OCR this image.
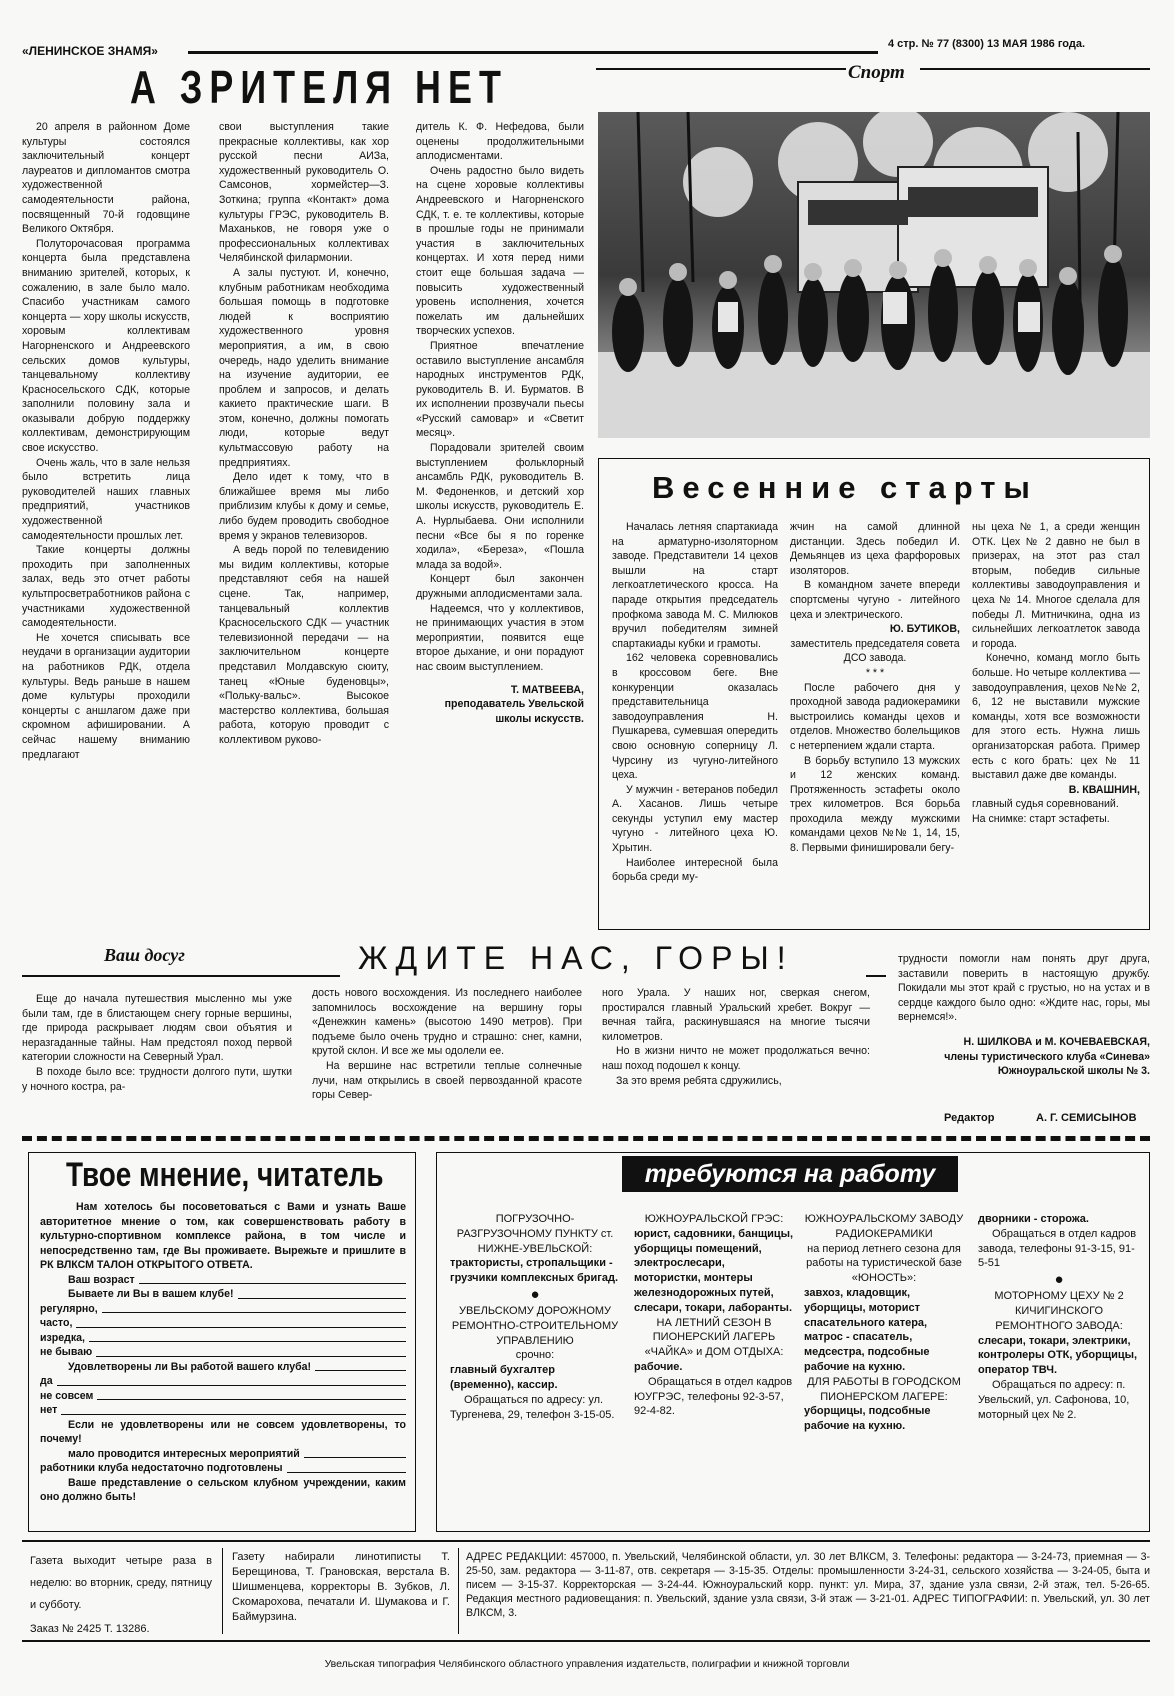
«ЛЕНИНСКОЕ ЗНАМЯ»	4 стр. № 77 (8300) 13 МАЯ 1986 года.
А ЗРИТЕЛЯ НЕТ

20 апреля в районном Доме культуры состоялся заключительный концерт лауреатов и дипломантов смотра художественной самодеятельности района, посвященный 70-й годовщине Великого Октября.

Полуторочасовая программа концерта была представлена вниманию зрителей, которых, к сожалению, в зале было мало. Спасибо участникам самого концерта — хору школы искусств, хоровым коллективам Нагорненского и Андреевского сельских домов культуры, танцевальному коллективу Красносельского СДК, которые заполнили половину зала и оказывали добрую поддержку коллективам, демонстрирующим свое искусство.

Очень жаль, что в зале нельзя было встретить лица руководителей наших главных предприятий, участников художественной самодеятельности прошлых лет.

Такие концерты должны проходить при заполненных залах, ведь это отчет работы культпросветработников района с участниками художественной самодеятельности.

Не хочется списывать все неудачи в организации аудитории на работников РДК, отдела культуры. Ведь раньше в нашем доме культуры проходили концерты с аншлагом даже при скромном афишировании. А сейчас нашему вниманию предлагают

свои выступления такие прекрасные коллективы, как хор русской песни АИЗа, художественный руководитель О. Самсонов, хормейстер—З. Зоткина; группа «Контакт» дома культуры ГРЭС, руководитель В. Маханьков, не говоря уже о профессиональных коллективах Челябинской филармонии.

А залы пустуют. И, конечно, клубным работникам необходима большая помощь в подготовке людей к восприятию художественного уровня мероприятия, а им, в свою очередь, надо уделить внимание на изучение аудитории, ее проблем и запросов, и делать какието практические шаги. В этом, конечно, должны помогать люди, которые ведут культмассовую работу на предприятиях.

Дело идет к тому, что в ближайшее время мы либо приблизим клубы к дому и семье, либо будем проводить свободное время у экранов телевизоров.

А ведь порой по телевидению мы видим коллективы, которые представляют себя на нашей сцене. Так, например, танцевальный коллектив Красносельского СДК — участник телевизионной передачи — на заключительном концерте представил Молдавскую сюиту, танец «Юные буденовцы», «Польку-вальс». Высокое мастерство коллектива, большая работа, которую проводит с коллективом руково-

дитель К. Ф. Нефедова, были оценены продолжительными аплодисментами.

Очень радостно было видеть на сцене хоровые коллективы Андреевского и Нагорненского СДК, т. е. те коллективы, которые в прошлые годы не принимали участия в заключительных концертах. И хотя перед ними стоит еще большая задача — повысить художественный уровень исполнения, хочется пожелать им дальнейших творческих успехов.

Приятное впечатление оставило выступление ансамбля народных инструментов РДК, руководитель В. И. Бурматов. В их исполнении прозвучали пьесы «Русский самовар» и «Светит месяц».

Порадовали зрителей своим выступлением фольклорный ансамбль РДК, руководитель В. М. Федоненков, и детский хор школы искусств, руководитель Е. А. Нурлыбаева. Они исполнили песни «Все бы я по горенке ходила», «Береза», «Пошла млада за водой».

Концерт был закончен дружными аплодисментами зала.

Надеемся, что у коллективов, не принимающих участия в этом мероприятии, появится еще второе дыхание, и они порадуют нас своим выступлением.

Т. МАТВЕЕВА,

преподаватель Увельской школы искусств.

Спорт
Весенние старты

Началась летняя спартакиада на арматурно-изоляторном заводе. Представители 14 цехов вышли на старт легкоатлетического кросса. На параде открытия председатель профкома завода М. С. Милюков вручил победителям зимней спартакиады кубки и грамоты.

162 человека соревновались в кроссовом беге. Вне конкуренции оказалась представительница заводоуправления Н. Пушкарева, сумевшая опередить свою основную соперницу Л. Чурсину из чугуно-литейного цеха.

У мужчин - ветеранов победил А. Хасанов. Лишь четыре секунды уступил ему мастер чугуно - литейного цеха Ю. Хрытин.

Наиболее интересной была борьба среди му-

жчин на самой длинной дистанции. Здесь победил И. Демьянцев из цеха фарфоровых изоляторов.

В командном зачете впереди спортсмены чугуно - литейного цеха и электрического.

Ю. БУТИКОВ,

заместитель председателя совета ДСО завода.

* * *

После рабочего дня у проходной завода радиокерамики выстроились команды цехов и отделов. Множество болельщиков с нетерпением ждали старта.

В борьбу вступило 13 мужских и 12 женских команд. Протяженность эстафеты около трех километров. Вся борьба проходила между мужскими командами цехов №№ 1, 14, 15, 8. Первыми финишировали бегу-

ны цеха № 1, а среди женщин ОТК. Цех № 2 давно не был в призерах, на этот раз стал вторым, победив сильные коллективы заводоуправления и цеха № 14. Многое сделала для победы Л. Митничкина, одна из сильнейших легкоатлеток завода и города.

Конечно, команд могло быть больше. Но четыре коллектива — заводоуправления, цехов №№ 2, 6, 12 не выставили мужские команды, хотя все возможности для этого есть. Нужна лишь организаторская работа. Пример есть с кого брать: цех № 11 выставил даже две команды.

В. КВАШНИН,

главный судья соревнований.

На снимке: старт эстафеты.

Ваш досуг	ЖДИТЕ НАС, ГОРЫ!

Еще до начала путешествия мысленно мы уже были там, где в блистающем снегу горные вершины, где природа раскрывает людям свои объятия и неразгаданные тайны. Нам предстоял поход первой категории сложности на Северный Урал.

В походе было все: трудности долгого пути, шутки у ночного костра, ра-

дость нового восхождения. Из последнего наиболее запомнилось восхождение на вершину горы «Денежкин камень» (высотою 1490 метров). При подъеме было очень трудно и страшно: снег, камни, крутой склон. И все же мы одолели ее.

На вершине нас встретили теплые солнечные лучи, нам открылись в своей первозданной красоте горы Север-

ного Урала. У наших ног, сверкая снегом, простирался главный Уральский хребет. Вокруг — вечная тайга, раскинувшаяся на многие тысячи километров.

Но в жизни ничто не может продолжаться вечно: наш поход подошел к концу.

За это время ребята сдружились,

трудности помогли нам понять друг друга, заставили поверить в настоящую дружбу. Покидали мы этот край с грустью, но на устах и в сердце каждого было одно: «Ждите нас, горы, мы вернемся!».

Н. ШИЛКОВА и М. КОЧЕВАЕВСКАЯ,

члены туристического клуба «Синева» Южноуральской школы № 3.

Редактор	А. Г. СЕМИСЫНОВ
Твое мнение, читатель
Нам хотелось бы посоветоваться с Вами и узнать Ваше авторитетное мнение о том, как совершенствовать работу в культурно-спортивном комплексе района, в том числе и непосредственно там, где Вы проживаете. Вырежьте и пришлите в РК ВЛКСМ ТАЛОН ОТКРЫТОГО ОТВЕТА.
Ваш возраст
Бываете ли Вы в вашем клубе!
регулярно,
часто,
изредка,
не бываю
Удовлетворены ли Вы работой вашего клуба!
да
не совсем
нет
Если не удовлетворены или не совсем удовлетворены, то почему!
мало проводится интересных мероприятий
работники клуба недостаточно подготовлены
Ваше представление о сельском клубном учреждении, каким оно должно быть!
требуются на работу
ПОГРУЗОЧНО-РАЗГРУЗОЧНОМУ ПУНКТУ ст. НИЖНЕ-УВЕЛЬСКОЙ:
трактористы, стропальщики - грузчики комплексных бригад.
●
УВЕЛЬСКОМУ ДОРОЖНОМУ РЕМОНТНО-СТРОИТЕЛЬНОМУ УПРАВЛЕНИЮ
срочно:
главный бухгалтер (временно), кассир.
Обращаться по адресу: ул. Тургенева, 29, телефон 3-15-05.
ЮЖНОУРАЛЬСКОЙ ГРЭС:
юрист, садовники, банщицы, уборщицы помещений, электрослесари, мотористки, монтеры железнодорожных путей, слесари, токари, лаборанты.
НА ЛЕТНИЙ СЕЗОН В ПИОНЕРСКИЙ ЛАГЕРЬ «ЧАЙКА» и ДОМ ОТДЫХА:
рабочие.
Обращаться в отдел кадров ЮУГРЭС, телефоны 92-3-57, 92-4-82.
ЮЖНОУРАЛЬСКОМУ ЗАВОДУ РАДИОКЕРАМИКИ
на период летнего сезона для работы на туристической базе «ЮНОСТЬ»:
завхоз, кладовщик, уборщицы, моторист спасательного катера, матрос - спасатель, медсестра, подсобные рабочие на кухню.
ДЛЯ РАБОТЫ В ГОРОДСКОМ ПИОНЕРСКОМ ЛАГЕРЕ:
уборщицы, подсобные рабочие на кухню.
дворники - сторожа.
Обращаться в отдел кадров завода, телефоны 91-3-15, 91-5-51
●
МОТОРНОМУ ЦЕХУ № 2 КИЧИГИНСКОГО РЕМОНТНОГО ЗАВОДА:
слесари, токари, электрики, контролеры ОТК, уборщицы, оператор ТВЧ.
Обращаться по адресу: п. Увельский, ул. Сафонова, 10, моторный цех № 2.
Газета выходит четыре раза в неделю: во вторник, среду, пятницу и субботу.
Заказ № 2425 Т. 13286.
Газету набирали линотиписты Т. Берещинова, Т. Грановская, верстала В. Шишменцева, корректоры В. Зубков, Л. Скомарохова, печатали И. Шумакова и Г. Баймурзина.
АДРЕС РЕДАКЦИИ: 457000, п. Увельский, Челябинской области, ул. 30 лет ВЛКСМ, 3. Телефоны: редактора — 3-24-73, приемная — 3-25-50, зам. редактора — 3-11-87, отв. секретаря — 3-15-35. Отделы: промышленности 3-24-31, сельского хозяйства — 3-24-05, быта и писем — 3-15-37. Корректорская — 3-24-44. Южноуральский корр. пункт: ул. Мира, 37, здание узла связи, 2-й этаж, тел. 5-26-65. Редакция местного радиовещания: п. Увельский, здание узла связи, 3-й этаж — 3-21-01. АДРЕС ТИПОГРАФИИ: п. Увельский, ул. 30 лет ВЛКСМ, 3.
Увельская типография Челябинского областного управления издательств, полиграфии и книжной торговли
